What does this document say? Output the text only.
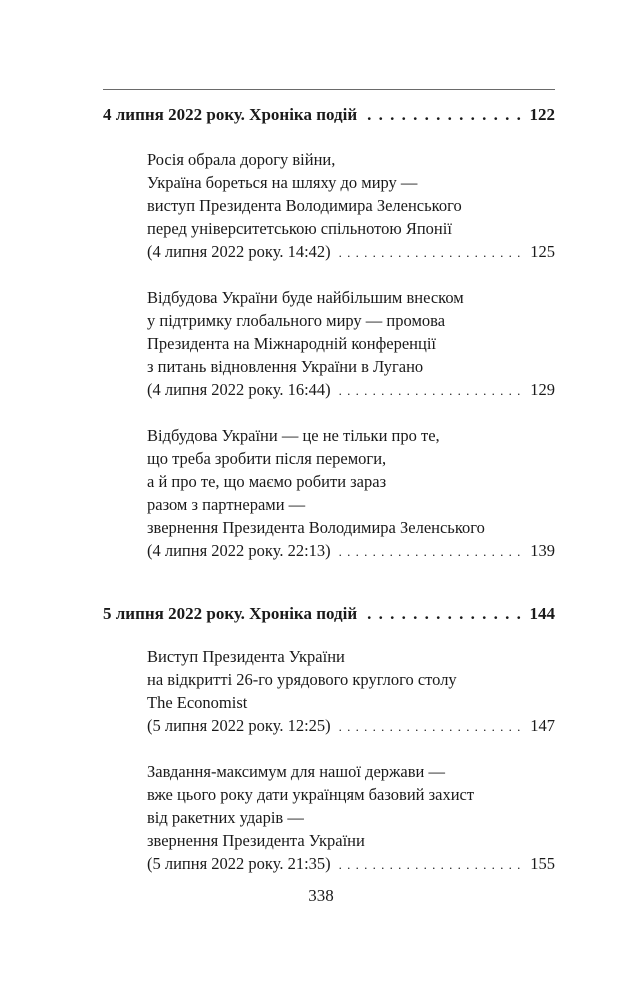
4 липня 2022 року. Хроніка подій . . .	122
Росія обрала дорогу війни,
Україна бореться на шляху до миру —
виступ Президента Володимира Зеленського
перед університетською спільнотою Японії
(4 липня 2022 року. 14:42) . . .	125
Відбудова України буде найбільшим внеском
у підтримку глобального миру — промова
Президента на Міжнародній конференції
з питань відновлення України в Лугано
(4 липня 2022 року. 16:44) . . .	129
Відбудова України — це не тільки про те,
що треба зробити після перемоги,
а й про те, що маємо робити зараз
разом з партнерами —
звернення Президента Володимира Зеленського
(4 липня 2022 року. 22:13) . . .	139
5 липня 2022 року. Хроніка подій . . .	144
Виступ Президента України
на відкритті 26-го урядового круглого столу
The Economist
(5 липня 2022 року. 12:25) . . .	147
Завдання-максимум для нашої держави —
вже цього року дати українцям базовий захист
від ракетних ударів —
звернення Президента України
(5 липня 2022 року. 21:35) . . .	155
338
